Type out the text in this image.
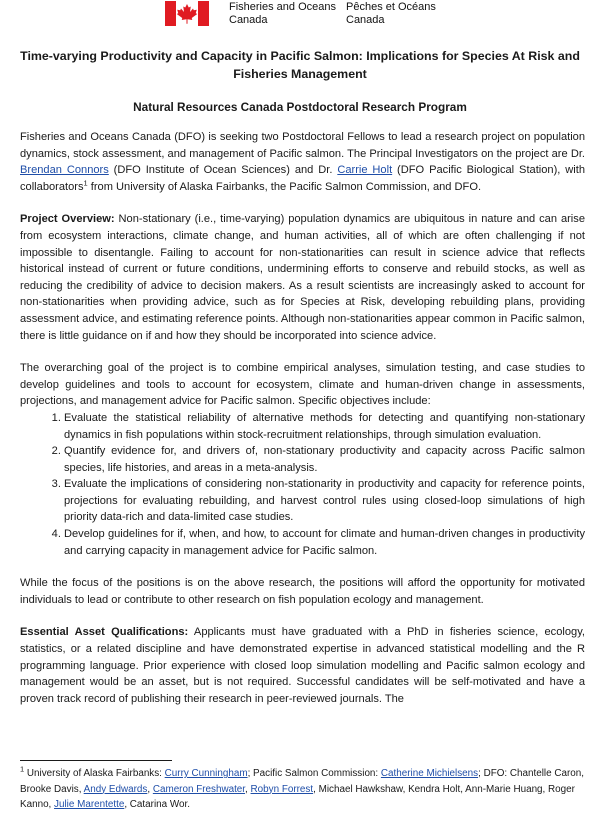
Fisheries and Oceans
Canada
Pêches et Océans
Canada
Time-varying Productivity and Capacity in Pacific Salmon: Implications for Species At Risk and Fisheries Management
Natural Resources Canada Postdoctoral Research Program

Fisheries and Oceans Canada (DFO) is seeking two Postdoctoral Fellows to lead a research project on population dynamics, stock assessment, and management of Pacific salmon. The Principal Investigators on the project are Dr. Brendan Connors (DFO Institute of Ocean Sciences) and Dr. Carrie Holt (DFO Pacific Biological Station), with collaborators$^1$ from University of Alaska Fairbanks, the Pacific Salmon Commission, and DFO.

Project Overview: Non-stationary (i.e., time-varying) population dynamics are ubiquitous in nature and can arise from ecosystem interactions, climate change, and human activities, all of which are often challenging if not impossible to disentangle. Failing to account for non-stationarities can result in science advice that reflects historical instead of current or future conditions, undermining efforts to conserve and rebuild stocks, as well as reducing the credibility of advice to decision makers. As a result scientists are increasingly asked to account for non-stationarities when providing advice, such as for Species at Risk, developing rebuilding plans, providing assessment advice, and estimating reference points. Although non-stationarities appear common in Pacific salmon, there is little guidance on if and how they should be incorporated into science advice.

The overarching goal of the project is to combine empirical analyses, simulation testing, and case studies to develop guidelines and tools to account for ecosystem, climate and human-driven change in assessments, projections, and management advice for Pacific salmon. Specific objectives include:

1. Evaluate the statistical reliability of alternative methods for detecting and quantifying non-stationary dynamics in fish populations within stock-recruitment relationships, through simulation evaluation.
2. Quantify evidence for, and drivers of, non-stationary productivity and capacity across Pacific salmon species, life histories, and areas in a meta-analysis.
3. Evaluate the implications of considering non-stationarity in productivity and capacity for reference points, projections for evaluating rebuilding, and harvest control rules using closed-loop simulations of high priority data-rich and data-limited case studies.
4. Develop guidelines for if, when, and how, to account for climate and human-driven changes in productivity and carrying capacity in management advice for Pacific salmon.

While the focus of the positions is on the above research, the positions will afford the opportunity for motivated individuals to lead or contribute to other research on fish population ecology and management.

Essential Asset Qualifications: Applicants must have graduated with a PhD in fisheries science, ecology, statistics, or a related discipline and have demonstrated expertise in advanced statistical modelling and the R programming language. Prior experience with closed loop simulation modelling and Pacific salmon ecology and management would be an asset, but is not required. Successful candidates will be self-motivated and have a proven track record of publishing their research in peer-reviewed journals. The

$^1$ University of Alaska Fairbanks: Curry Cunningham; Pacific Salmon Commission: Catherine Michielsens; DFO: Chantelle Caron, Brooke Davis, Andy Edwards, Cameron Freshwater, Robyn Forrest, Michael Hawkshaw, Kendra Holt, Ann-Marie Huang, Roger Kanno, Julie Marentette, Catarina Wor.
